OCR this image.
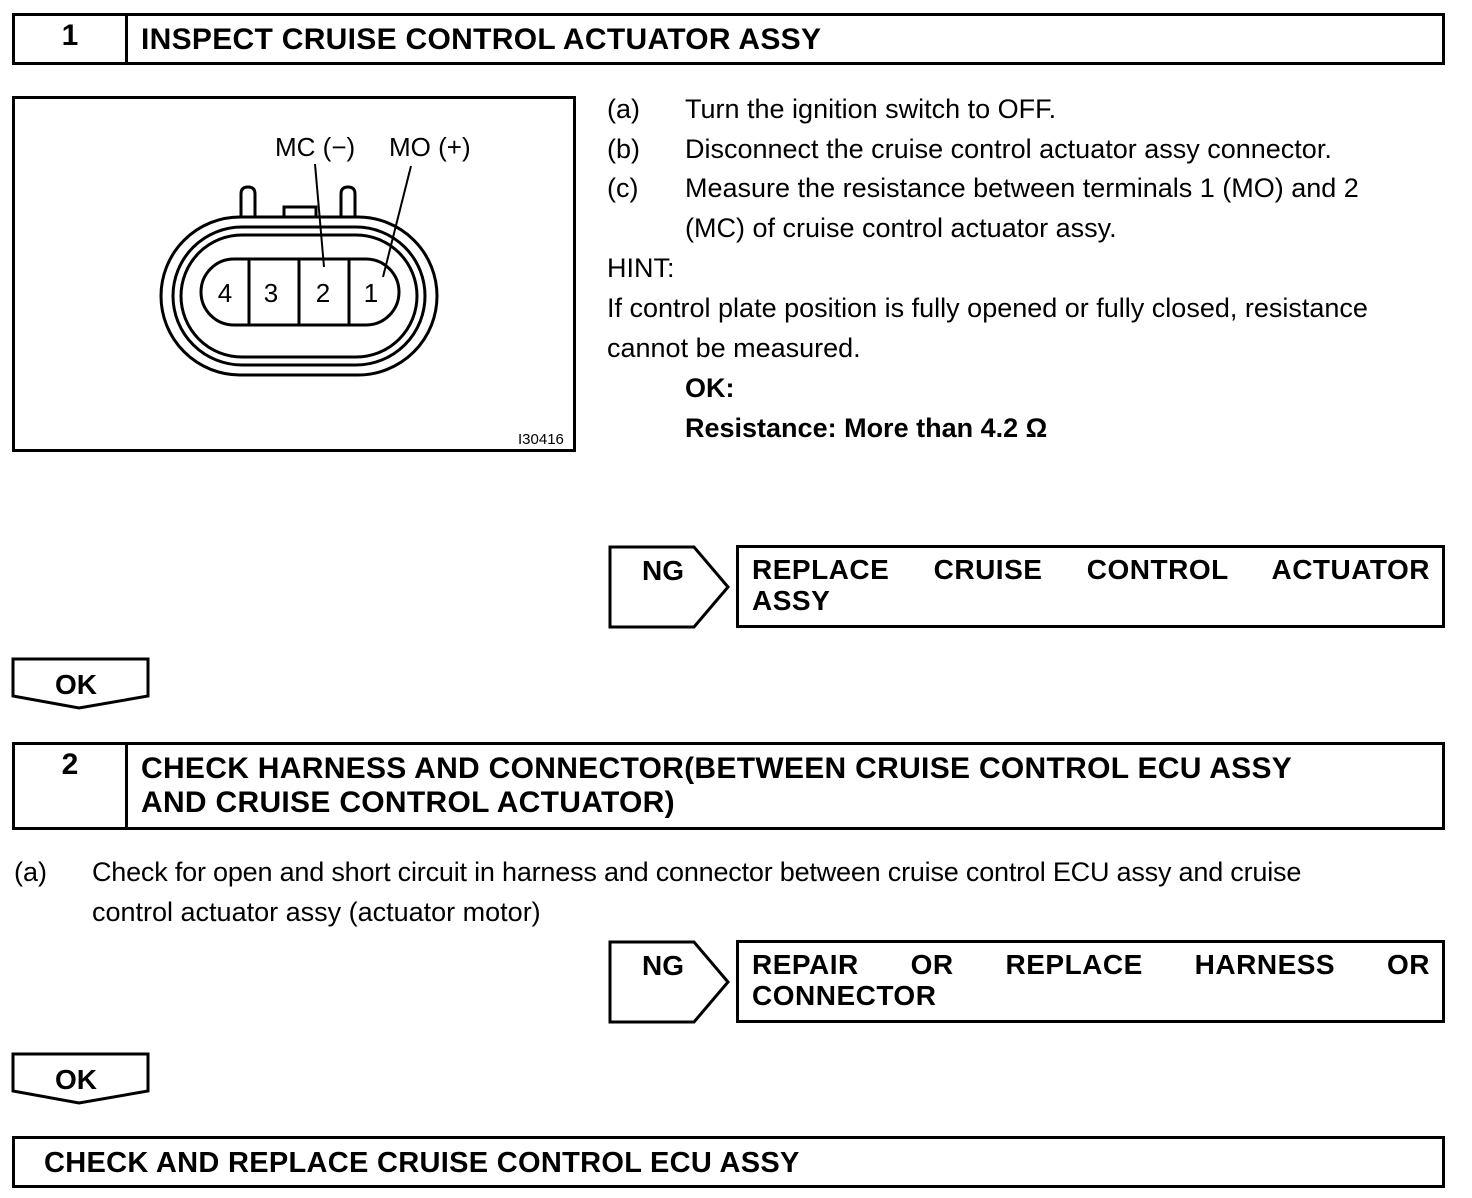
1	INSPECT CRUISE CONTROL ACTUATOR ASSY
4 3 2 1
MC (−) MO (+)
I30416
(a) Turn the ignition switch to OFF.
(b) Disconnect the cruise control actuator assy connector.
(c) Measure the resistance between terminals 1 (MO) and 2
(MC) of cruise control actuator assy.
HINT:
If control plate position is fully opened or fully closed, resistance
cannot be measured.
OK:
Resistance: More than 4.2 Ω
NG REPLACE CRUISE CONTROL ACTUATOR
ASSY
OK
2	CHECK HARNESS AND CONNECTOR(BETWEEN CRUISE CONTROL ECU ASSY
AND CRUISE CONTROL ACTUATOR)
(a) Check for open and short circuit in harness and connector between cruise control ECU assy and cruise
control actuator assy (actuator motor)
NG REPAIR OR REPLACE HARNESS OR
CONNECTOR
OK
CHECK AND REPLACE CRUISE CONTROL ECU ASSY
